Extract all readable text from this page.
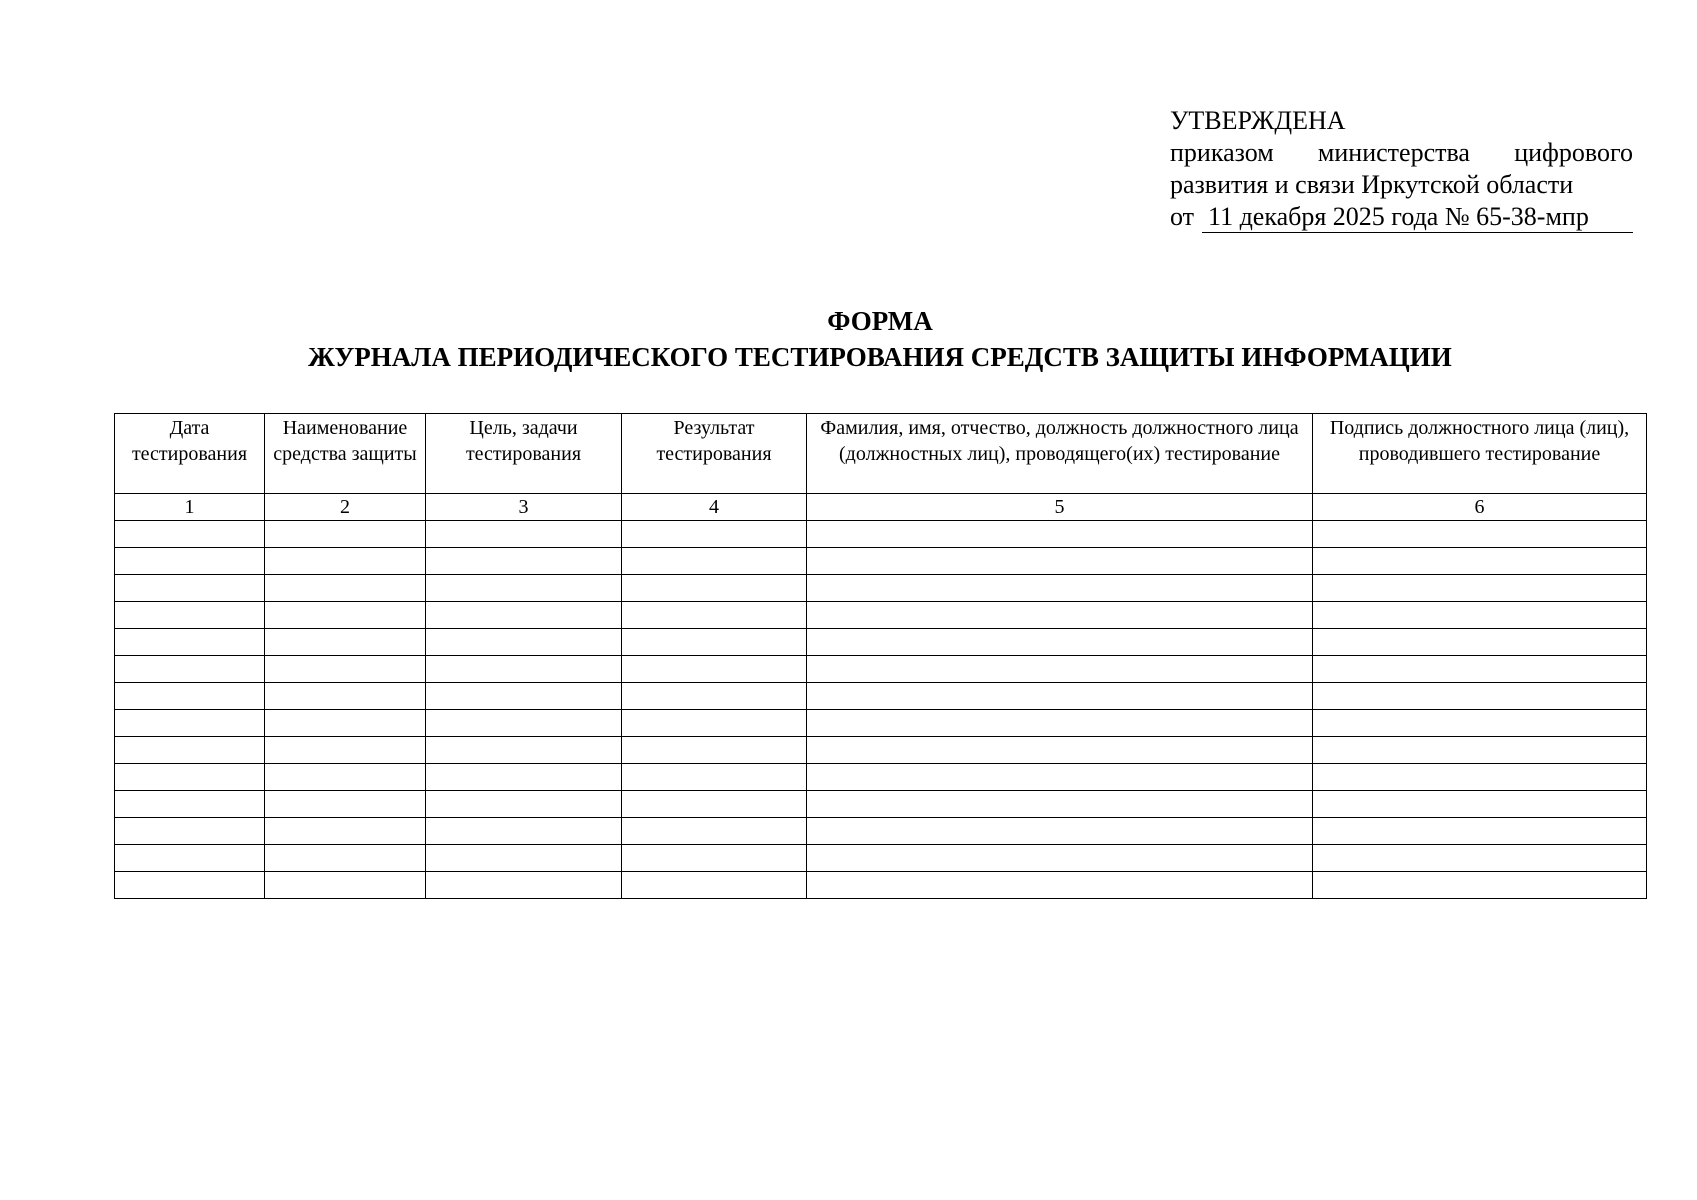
УТВЕРЖДЕНА
приказом министерства цифрового
развития и связи Иркутской области
от 11 декабря 2025 года № 65-38-мпр
ФОРМА
ЖУРНАЛА ПЕРИОДИЧЕСКОГО ТЕСТИРОВАНИЯ СРЕДСТВ ЗАЩИТЫ ИНФОРМАЦИИ
Дата тестирования	Наименование средства защиты	Цель, задачи тестирования	Результат тестирования	Фамилия, имя, отчество, должность должностного лица (должностных лиц), проводящего(их) тестирование	Подпись должностного лица (лиц), проводившего тестирование
1	2	3	4	5	6
